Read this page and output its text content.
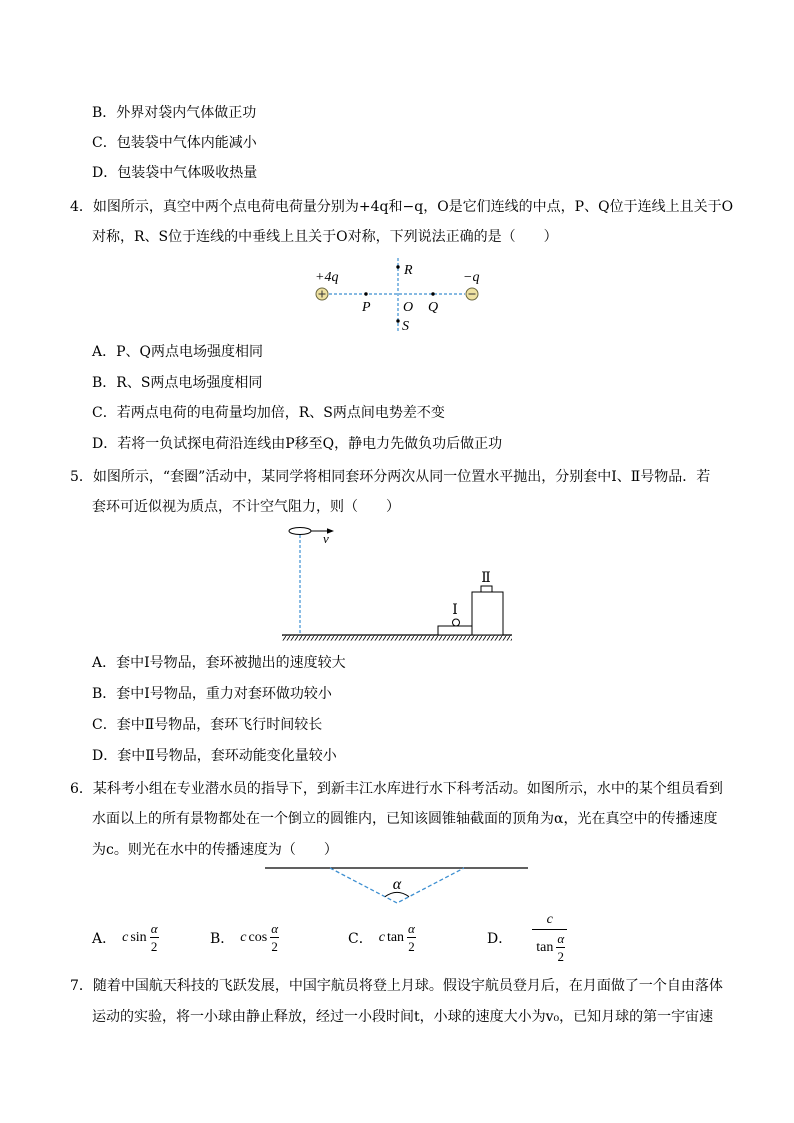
B．外界对袋内气体做正功
C．包装袋中气体内能减小
D．包装袋中气体吸收热量
4．如图所示，真空中两个点电荷电荷量分别为+4q和−q，O是它们连线的中点，P、Q位于连线上且关于O
对称，R、S位于连线的中垂线上且关于O对称，下列说法正确的是（　　）
+4q	−q
R
P O Q
S
A．P、Q两点电场强度相同
B．R、S两点电场强度相同
C．若两点电荷的电荷量均加倍，R、S两点间电势差不变
D．若将一负试探电荷沿连线由P移至Q，静电力先做负功后做正功
5．如图所示，“套圈”活动中，某同学将相同套环分两次从同一位置水平抛出，分别套中Ⅰ、Ⅱ号物品．若
套环可近似视为质点，不计空气阻力，则（　　）
v
Ⅰ
Ⅱ
A．套中Ⅰ号物品，套环被抛出的速度较大
B．套中Ⅰ号物品，重力对套环做功较小
C．套中Ⅱ号物品，套环飞行时间较长
D．套中Ⅱ号物品，套环动能变化量较小
6．某科考小组在专业潜水员的指导下，到新丰江水库进行水下科考活动。如图所示，水中的某个组员看到
水面以上的所有景物都处在一个倒立的圆锥内，已知该圆锥轴截面的顶角为α，光在真空中的传播速度
为c。则光在水中的传播速度为（　　）
α
A． c $\sin \frac{\alpha}{2}$	B． c $\cos \frac{\alpha}{2}$	C． c $\tan \frac{\alpha}{2}$	D． $\frac{c}{\tan \frac{\alpha}{2}}$
7．随着中国航天科技的飞跃发展，中国宇航员将登上月球。假设宇航员登月后，在月面做了一个自由落体
运动的实验，将一小球由静止释放，经过一小段时间t，小球的速度大小为v₀，已知月球的第一宇宙速
